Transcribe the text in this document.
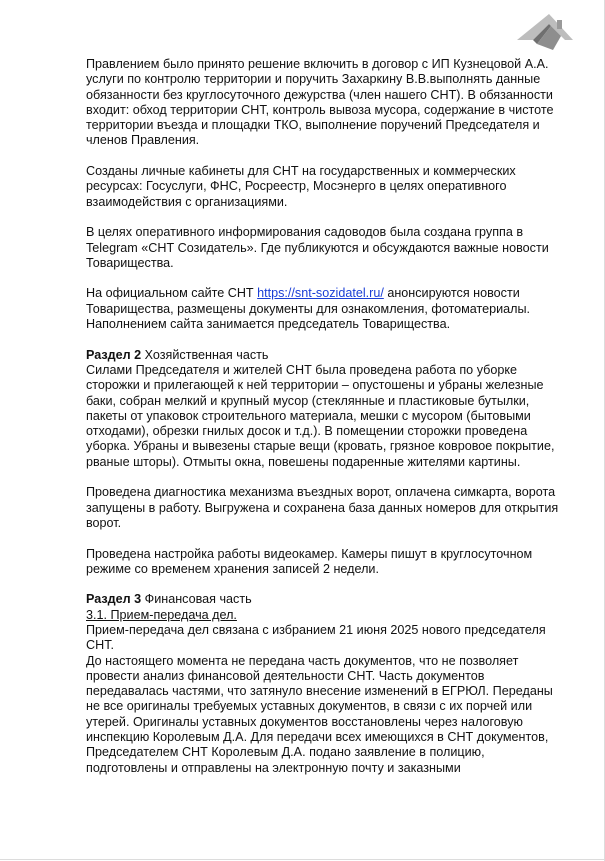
Правлением было принято решение включить в договор с ИП Кузнецовой А.А. услуги по контролю территории и поручить Захаркину В.В.выполнять данные обязанности без круглосуточного дежурства (член нашего СНТ). В обязанности входит: обход территории СНТ, контроль вывоза мусора, содержание в чистоте территории въезда и площадки ТКО, выполнение поручений Председателя и членов Правления.

Созданы личные кабинеты для СНТ на государственных и коммерческих ресурсах: Госуслуги, ФНС, Росреестр, Мосэнерго в целях оперативного взаимодействия с организациями.

В целях оперативного информирования садоводов была создана группа в Telegram «СНТ Созидатель». Где публикуются и обсуждаются важные новости Товарищества.

На официальном сайте СНТ https://snt-sozidatel.ru/ анонсируются новости Товарищества, размещены документы для ознакомления, фотоматериалы. Наполнением сайта занимается председатель Товарищества.

Раздел 2 Хозяйственная часть

Силами Председателя и жителей СНТ была проведена работа по уборке сторожки и прилегающей к ней территории – опустошены и убраны железные баки, собран мелкий и крупный мусор (стеклянные и пластиковые бутылки, пакеты от упаковок строительного материала, мешки с мусором (бытовыми отходами), обрезки гнилых досок и т.д.). В помещении сторожки проведена уборка. Убраны и вывезены старые вещи (кровать, грязное ковровое покрытие, рваные шторы). Отмыты окна, повешены подаренные жителями картины.

Проведена диагностика механизма въездных ворот, оплачена симкарта, ворота запущены в работу. Выгружена и сохранена база данных номеров для открытия ворот.

Проведена настройка работы видеокамер. Камеры пишут в круглосуточном режиме со временем хранения записей 2 недели.

Раздел 3 Финансовая часть

3.1. Прием-передача дел.

Прием-передача дел связана с избранием 21 июня 2025 нового председателя СНТ.

До настоящего момента не передана часть документов, что не позволяет провести анализ финансовой деятельности СНТ. Часть документов передавалась частями, что затянуло внесение изменений в ЕГРЮЛ. Переданы не все оригиналы требуемых уставных документов, в связи с их порчей или утерей. Оригиналы уставных документов восстановлены через налоговую инспекцию Королевым Д.А. Для передачи всех имеющихся в СНТ документов, Председателем СНТ Королевым Д.А. подано заявление в полицию, подготовлены и отправлены на электронную почту и заказными
